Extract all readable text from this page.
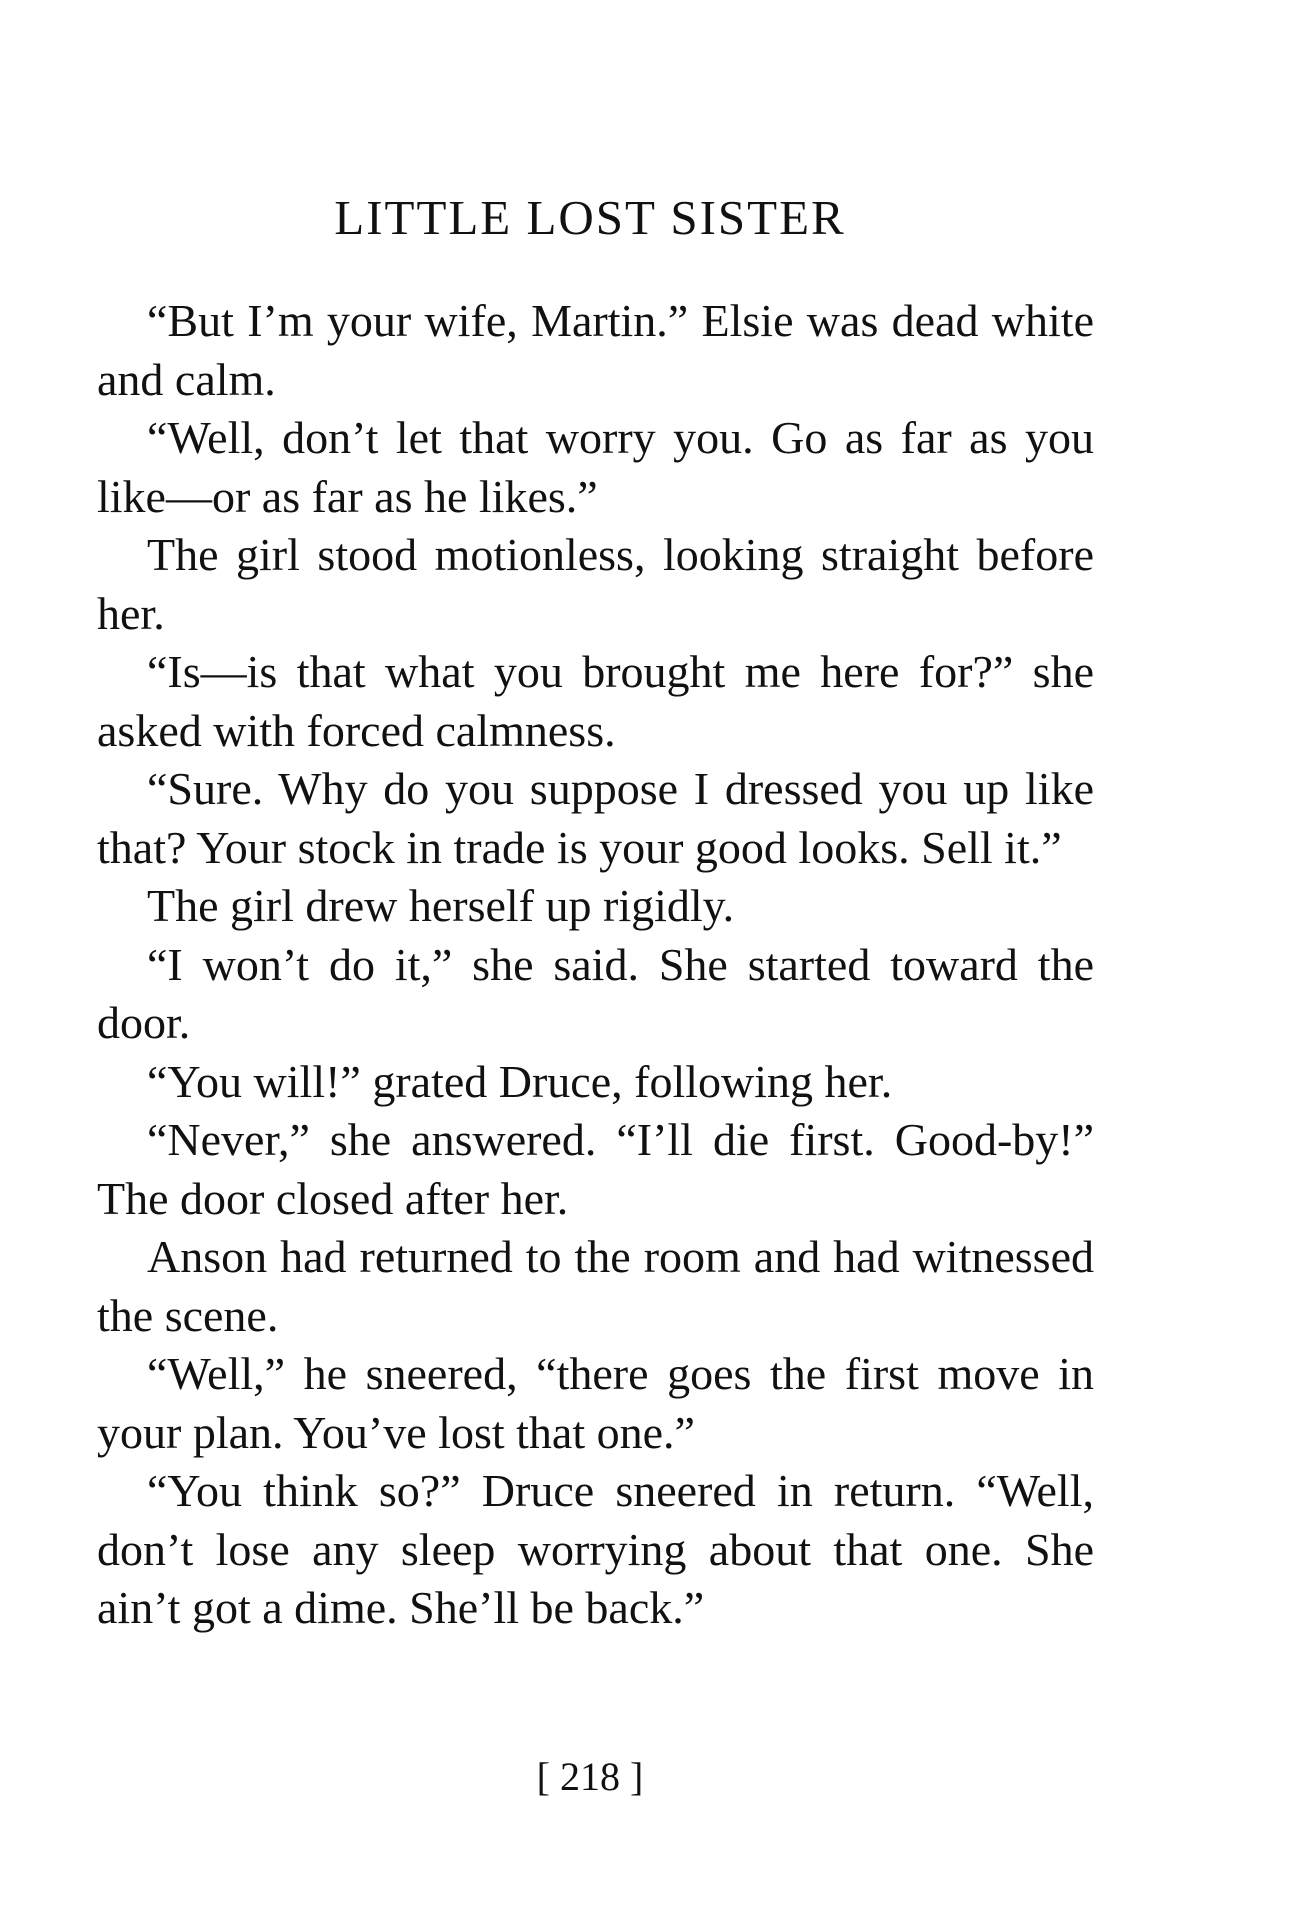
LITTLE LOST SISTER

“But I’m your wife, Martin.” Elsie was dead white and calm.

“Well, don’t let that worry you. Go as far as you like—or as far as he likes.”

The girl stood motionless, looking straight before her.

“Is—is that what you brought me here for?” she asked with forced calmness.

“Sure. Why do you suppose I dressed you up like that? Your stock in trade is your good looks. Sell it.”

The girl drew herself up rigidly.

“I won’t do it,” she said. She started toward the door.

“You will!” grated Druce, following her.

“Never,” she answered. “I’ll die first. Good-by!” The door closed after her.

Anson had returned to the room and had witnessed the scene.

“Well,” he sneered, “there goes the first move in your plan. You’ve lost that one.”

“You think so?” Druce sneered in return. “Well, don’t lose any sleep worrying about that one. She ain’t got a dime. She’ll be back.”

[ 218 ]
